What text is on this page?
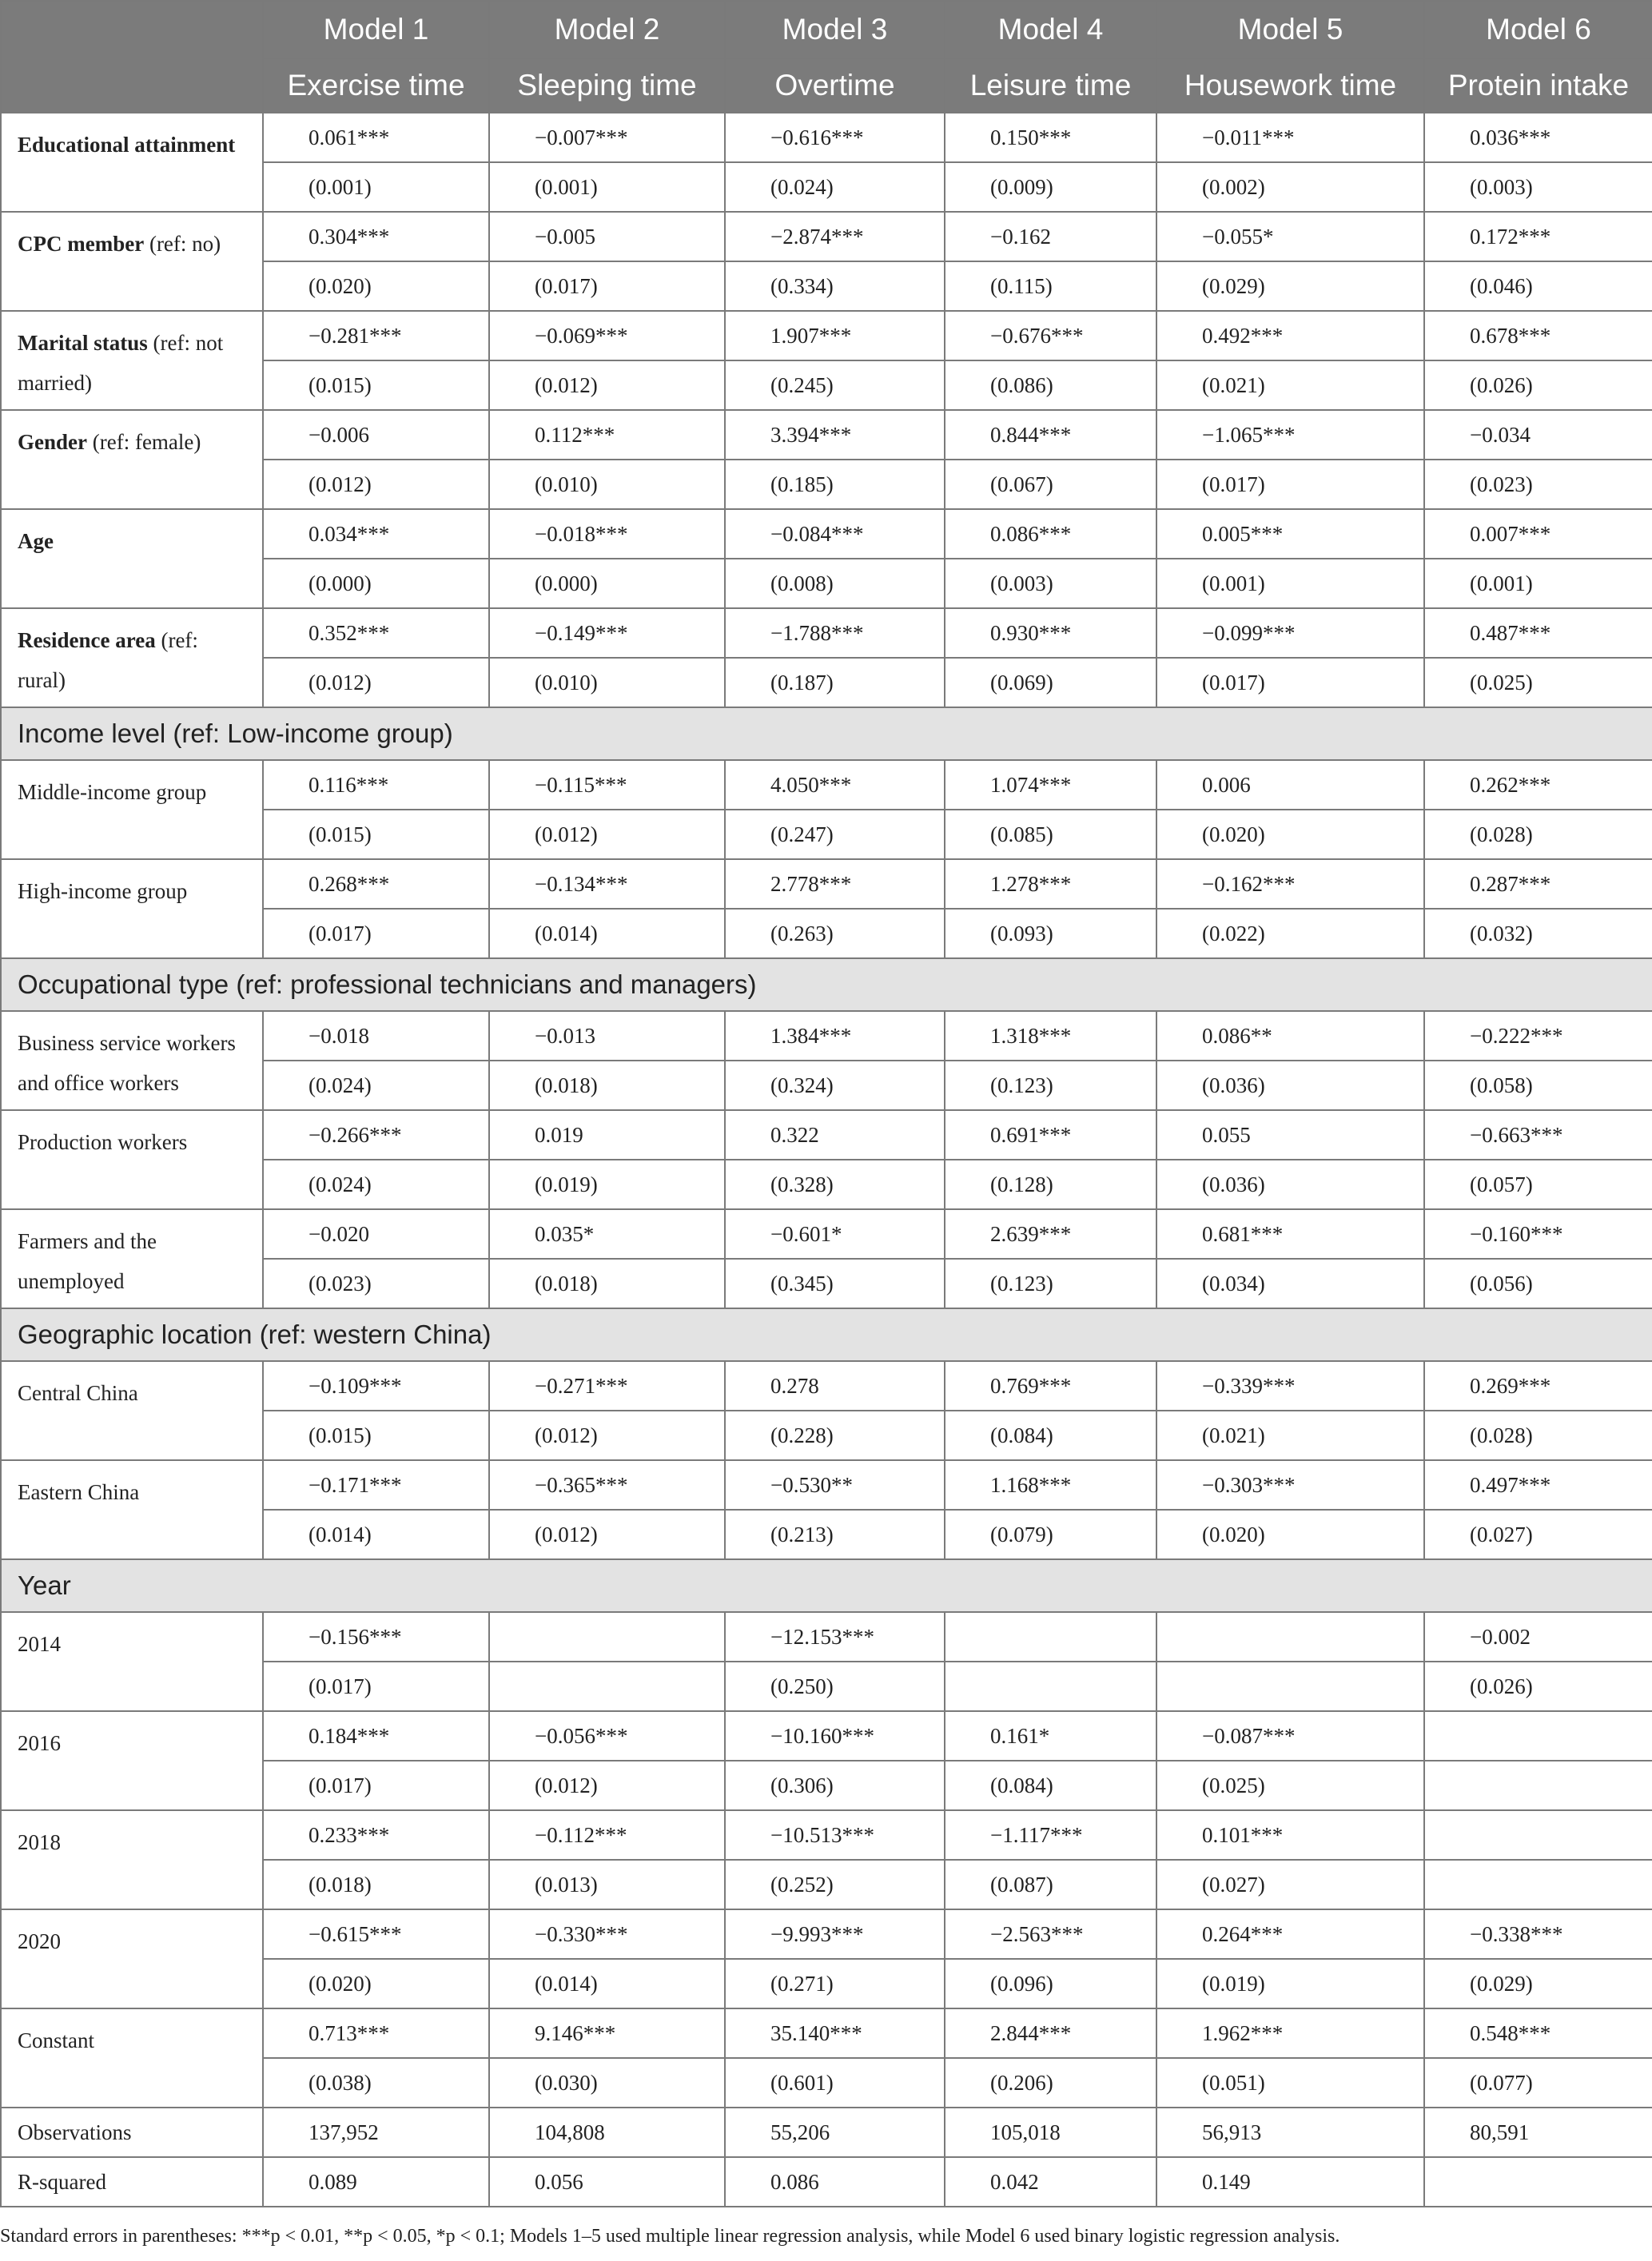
	Model 1	Model 2	Model 3	Model 4	Model 5	Model 6
	Exercise time	Sleeping time	Overtime	Leisure time	Housework time	Protein intake
Educational attainment	0.061***	−0.007***	−0.616***	0.150***	−0.011***	0.036***
	(0.001)	(0.001)	(0.024)	(0.009)	(0.002)	(0.003)
CPC member (ref: no)	0.304***	−0.005	−2.874***	−0.162	−0.055*	0.172***
	(0.020)	(0.017)	(0.334)	(0.115)	(0.029)	(0.046)
Marital status (ref: not married)	−0.281***	−0.069***	1.907***	−0.676***	0.492***	0.678***
	(0.015)	(0.012)	(0.245)	(0.086)	(0.021)	(0.026)
Gender (ref: female)	−0.006	0.112***	3.394***	0.844***	−1.065***	−0.034
	(0.012)	(0.010)	(0.185)	(0.067)	(0.017)	(0.023)
Age	0.034***	−0.018***	−0.084***	0.086***	0.005***	0.007***
	(0.000)	(0.000)	(0.008)	(0.003)	(0.001)	(0.001)
Residence area (ref: rural)	0.352***	−0.149***	−1.788***	0.930***	−0.099***	0.487***
	(0.012)	(0.010)	(0.187)	(0.069)	(0.017)	(0.025)
Income level (ref: Low-income group)						
Middle-income group	0.116***	−0.115***	4.050***	1.074***	0.006	0.262***
	(0.015)	(0.012)	(0.247)	(0.085)	(0.020)	(0.028)
High-income group	0.268***	−0.134***	2.778***	1.278***	−0.162***	0.287***
	(0.017)	(0.014)	(0.263)	(0.093)	(0.022)	(0.032)
Occupational type (ref: professional technicians and managers)						
Business service workers and office workers	−0.018	−0.013	1.384***	1.318***	0.086**	−0.222***
	(0.024)	(0.018)	(0.324)	(0.123)	(0.036)	(0.058)
Production workers	−0.266***	0.019	0.322	0.691***	0.055	−0.663***
	(0.024)	(0.019)	(0.328)	(0.128)	(0.036)	(0.057)
Farmers and the unemployed	−0.020	0.035*	−0.601*	2.639***	0.681***	−0.160***
	(0.023)	(0.018)	(0.345)	(0.123)	(0.034)	(0.056)
Geographic location (ref: western China)						
Central China	−0.109***	−0.271***	0.278	0.769***	−0.339***	0.269***
	(0.015)	(0.012)	(0.228)	(0.084)	(0.021)	(0.028)
Eastern China	−0.171***	−0.365***	−0.530**	1.168***	−0.303***	0.497***
	(0.014)	(0.012)	(0.213)	(0.079)	(0.020)	(0.027)
Year						
2014	−0.156***		−12.153***			−0.002
	(0.017)		(0.250)			(0.026)
2016	0.184***	−0.056***	−10.160***	0.161*	−0.087***	
	(0.017)	(0.012)	(0.306)	(0.084)	(0.025)	
2018	0.233***	−0.112***	−10.513***	−1.117***	0.101***	
	(0.018)	(0.013)	(0.252)	(0.087)	(0.027)	
2020	−0.615***	−0.330***	−9.993***	−2.563***	0.264***	−0.338***
	(0.020)	(0.014)	(0.271)	(0.096)	(0.019)	(0.029)
Constant	0.713***	9.146***	35.140***	2.844***	1.962***	0.548***
	(0.038)	(0.030)	(0.601)	(0.206)	(0.051)	(0.077)
Observations	137,952	104,808	55,206	105,018	56,913	80,591
R-squared	0.089	0.056	0.086	0.042	0.149	
Standard errors in parentheses: ***p < 0.01, **p < 0.05, *p < 0.1; Models 1–5 used multiple linear regression analysis, while Model 6 used binary logistic regression analysis.
